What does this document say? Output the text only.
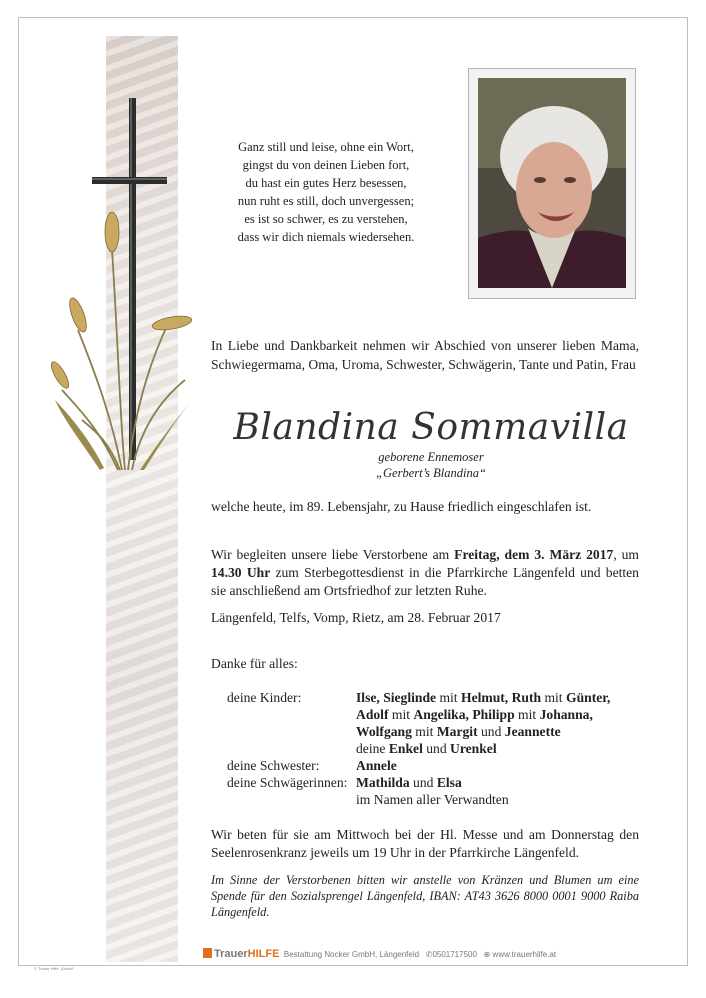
Ganz still und leise, ohne ein Wort,
gingst du von deinen Lieben fort,
du hast ein gutes Herz besessen,
nun ruht es still, doch unvergessen;
es ist so schwer, es zu verstehen,
dass wir dich niemals wiedersehen.
In Liebe und Dankbarkeit nehmen wir Abschied von unserer lieben Mama, Schwiegermama, Oma, Uroma, Schwester, Schwägerin, Tante und Patin, Frau
Blandina Sommavilla
geborene Ennemoser
„Gerbert’s Blandina“
welche heute, im 89. Lebensjahr, zu Hause friedlich eingeschlafen ist.
Wir begleiten unsere liebe Verstorbene am Freitag, dem 3. März 2017, um 14.30 Uhr zum Sterbegottesdienst in die Pfarrkirche Längenfeld und betten sie anschließend am Ortsfriedhof zur letzten Ruhe.
Längenfeld, Telfs, Vomp, Rietz, am 28. Februar 2017
Danke für alles:
deine Kinder:	Ilse, Sieglinde mit Helmut, Ruth mit Günter,
Adolf mit Angelika, Philipp mit Johanna,
Wolfgang mit Margit und Jeannette
deine Enkel und Urenkel
deine Schwester:	Annele
deine Schwägerinnen: Mathilda und Elsa
im Namen aller Verwandten
Wir beten für sie am Mittwoch bei der Hl. Messe und am Donnerstag den Seelenrosenkranz jeweils um 19 Uhr in der Pfarrkirche Längenfeld.
Im Sinne der Verstorbenen bitten wir anstelle von Kränzen und Blumen um eine Spende für den Sozialsprengel Längenfeld, IBAN: AT43 3626 8000 0001 9000 Raiba Längenfeld.
TrauerHILFE Bestattung Nocker GmbH, Längenfeld ✆0501717500 ⊕ www.trauerhilfe.at
© Trauer Hilfe „Ährekl“
